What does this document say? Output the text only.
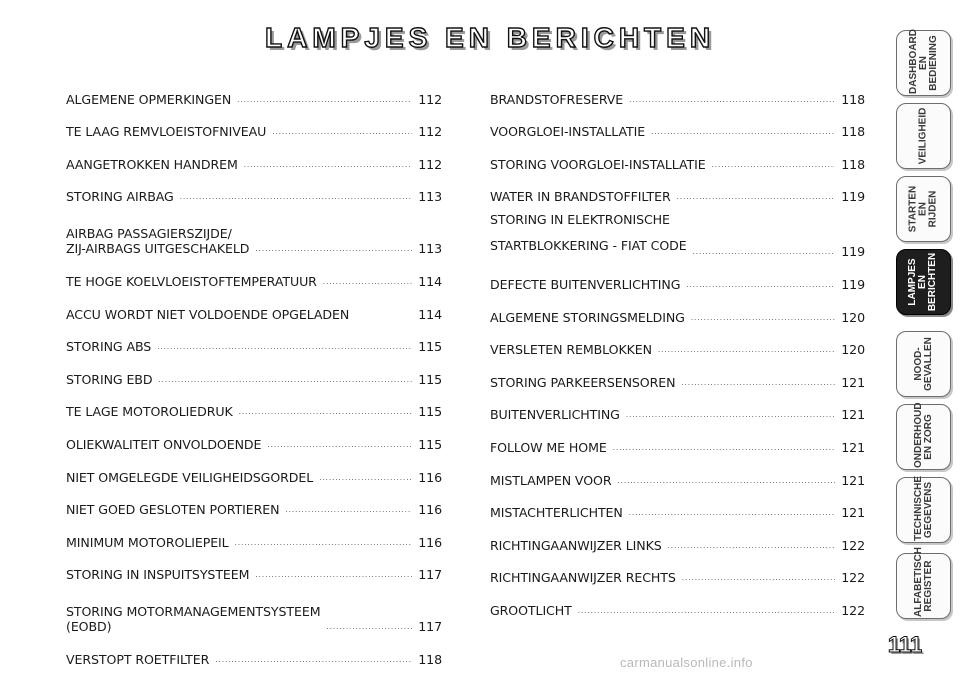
LAMPJES EN BERICHTEN
ALGEMENE OPMERKINGEN .....	112
TE LAAG REMVLOEISTOFNIVEAU .....	112
AANGETROKKEN HANDREM .....	112
STORING AIRBAG .....	113
AIRBAG PASSAGIERSZIJDE/
ZIJ-AIRBAGS UITGESCHAKELD .....	113
TE HOGE KOELVLOEISTOFTEMPERATUUR .....	114
ACCU WORDT NIET VOLDOENDE OPGELADEN	114
STORING ABS .....	115
STORING EBD .....	115
TE LAGE MOTOROLIEDRUK .....	115
OLIEKWALITEIT ONVOLDOENDE .....	115
NIET OMGELEGDE VEILIGHEIDSGORDEL .....	116
NIET GOED GESLOTEN PORTIEREN .....	116
MINIMUM MOTOROLIEPEIL .....	116
STORING IN INSPUITSYSTEEM .....	117
STORING MOTORMANAGEMENTSYSTEEM
(EOBD) .....	117
VERSTOPT ROETFILTER .....	118
BRANDSTOFRESERVE .....	118
VOORGLOEI-INSTALLATIE .....	118
STORING VOORGLOEI-INSTALLATIE .....	118
WATER IN BRANDSTOFFILTER .....	119
STORING IN ELEKTRONISCHE
STARTBLOKKERING - FIAT CODE .....	119
DEFECTE BUITENVERLICHTING .....	119
ALGEMENE STORINGSMELDING .....	120
VERSLETEN REMBLOKKEN .....	120
STORING PARKEERSENSOREN .....	121
BUITENVERLICHTING .....	121
FOLLOW ME HOME .....	121
MISTLAMPEN VOOR .....	121
MISTACHTERLICHTEN .....	121
RICHTINGAANWIJZER LINKS .....	122
RICHTINGAANWIJZER RECHTS .....	122
GROOTLICHT .....	122
DASHBOARD
EN BEDIENING
VEILIGHEID
STARTEN
EN RIJDEN
LAMPJES EN
BERICHTEN
NOOD-
GEVALLEN
ONDERHOUD
EN ZORG
TECHNISCHE
GEGEVENS
ALFABETISCH
REGISTER
111
carmanualsonline.info
